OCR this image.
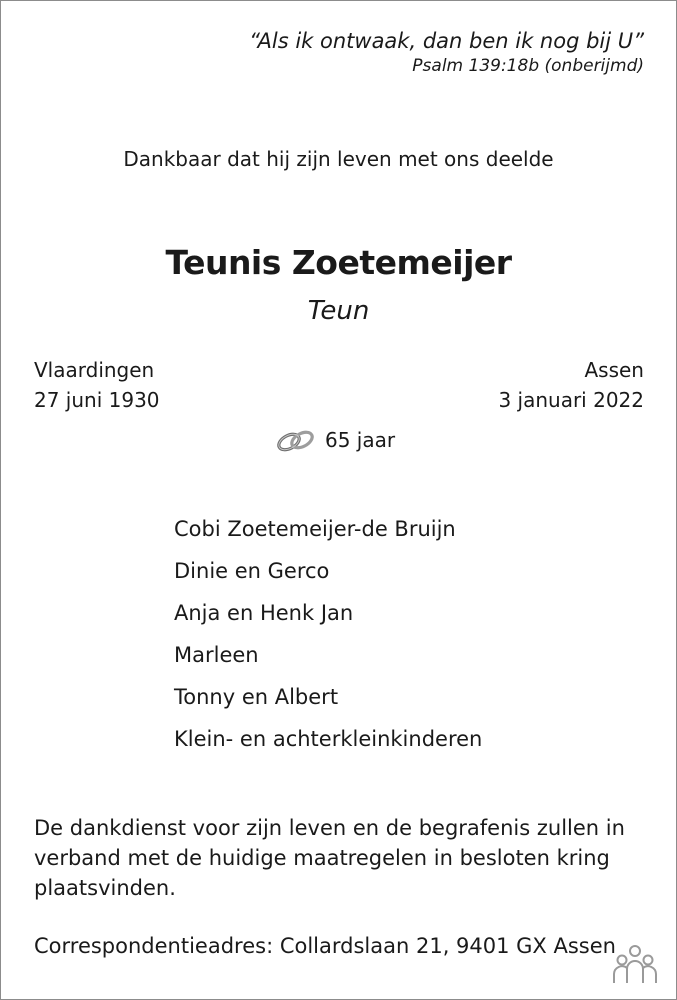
“Als ik ontwaak, dan ben ik nog bij U”
Psalm 139:18b (onberijmd)
Dankbaar dat hij zijn leven met ons deelde
Teunis Zoetemeijer
Teun
Vlaardingen
27 juni 1930
Assen
3 januari 2022
65 jaar
Cobi Zoetemeijer-de Bruijn
Dinie en Gerco
Anja en Henk Jan
Marleen
Tonny en Albert
Klein- en achterkleinkinderen
De dankdienst voor zijn leven en de begrafenis zullen in verband met de huidige maatregelen in besloten kring plaatsvinden.
Correspondentieadres: Collardslaan 21, 9401 GX Assen
